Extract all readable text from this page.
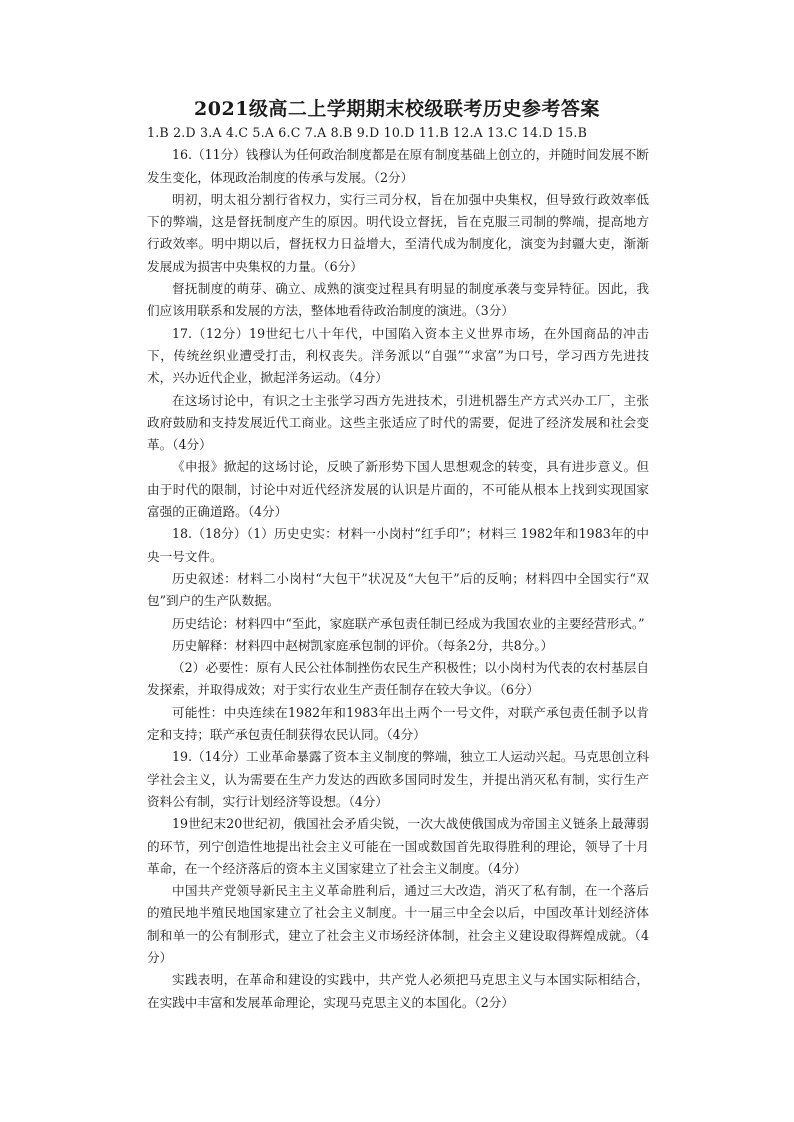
2021级高二上学期期末校级联考历史参考答案

1.B 2.D 3.A 4.C 5.A 6.C 7.A 8.B 9.D 10.D 11.B 12.A 13.C 14.D 15.B

16.（11分）钱穆认为任何政治制度都是在原有制度基础上创立的，并随时间发展不断发生变化，体现政治制度的传承与发展。（2分）

明初，明太祖分割行省权力，实行三司分权，旨在加强中央集权，但导致行政效率低下的弊端，这是督抚制度产生的原因。明代设立督抚，旨在克服三司制的弊端，提高地方行政效率。明中期以后，督抚权力日益增大，至清代成为制度化，演变为封疆大吏，渐渐发展成为损害中央集权的力量。（6分）

督抚制度的萌芽、确立、成熟的演变过程具有明显的制度承袭与变异特征。因此，我们应该用联系和发展的方法，整体地看待政治制度的演进。（3分）

17.（12分）19世纪七八十年代，中国陷入资本主义世界市场，在外国商品的冲击下，传统丝织业遭受打击，利权丧失。洋务派以“自强”“求富”为口号，学习西方先进技术，兴办近代企业，掀起洋务运动。（4分）

在这场讨论中，有识之士主张学习西方先进技术，引进机器生产方式兴办工厂，主张政府鼓励和支持发展近代工商业。这些主张适应了时代的需要，促进了经济发展和社会变革。（4分）

《申报》掀起的这场讨论，反映了新形势下国人思想观念的转变，具有进步意义。但由于时代的限制，讨论中对近代经济发展的认识是片面的，不可能从根本上找到实现国家富强的正确道路。（4分）

18.（18分）（1）历史史实：材料一小岗村“红手印”；材料三 1982年和1983年的中央一号文件。

历史叙述：材料二小岗村“大包干”状况及“大包干”后的反响；材料四中全国实行“双包”到户的生产队数据。

历史结论：材料四中“至此，家庭联产承包责任制已经成为我国农业的主要经营形式。”

历史解释：材料四中赵树凯家庭承包制的评价。（每条2分，共8分。）

（2）必要性：原有人民公社体制挫伤农民生产积极性；以小岗村为代表的农村基层自发探索，并取得成效；对于实行农业生产责任制存在较大争议。（6分）

可能性：中央连续在1982年和1983年出土两个一号文件，对联产承包责任制予以肯定和支持；联产承包责任制获得农民认同。（4分）

19.（14分）工业革命暴露了资本主义制度的弊端，独立工人运动兴起。马克思创立科学社会主义，认为需要在生产力发达的西欧多国同时发生，并提出消灭私有制，实行生产资料公有制，实行计划经济等设想。（4分）

19世纪末20世纪初，俄国社会矛盾尖锐，一次大战使俄国成为帝国主义链条上最薄弱的环节，列宁创造性地提出社会主义可能在一国或数国首先取得胜利的理论，领导了十月革命，在一个经济落后的资本主义国家建立了社会主义制度。（4分）

中国共产党领导新民主主义革命胜利后，通过三大改造，消灭了私有制，在一个落后的殖民地半殖民地国家建立了社会主义制度。十一届三中全会以后，中国改革计划经济体制和单一的公有制形式，建立了社会主义市场经济体制，社会主义建设取得辉煌成就。（4分）

实践表明，在革命和建设的实践中，共产党人必须把马克思主义与本国实际相结合，在实践中丰富和发展革命理论，实现马克思主义的本国化。（2分）
